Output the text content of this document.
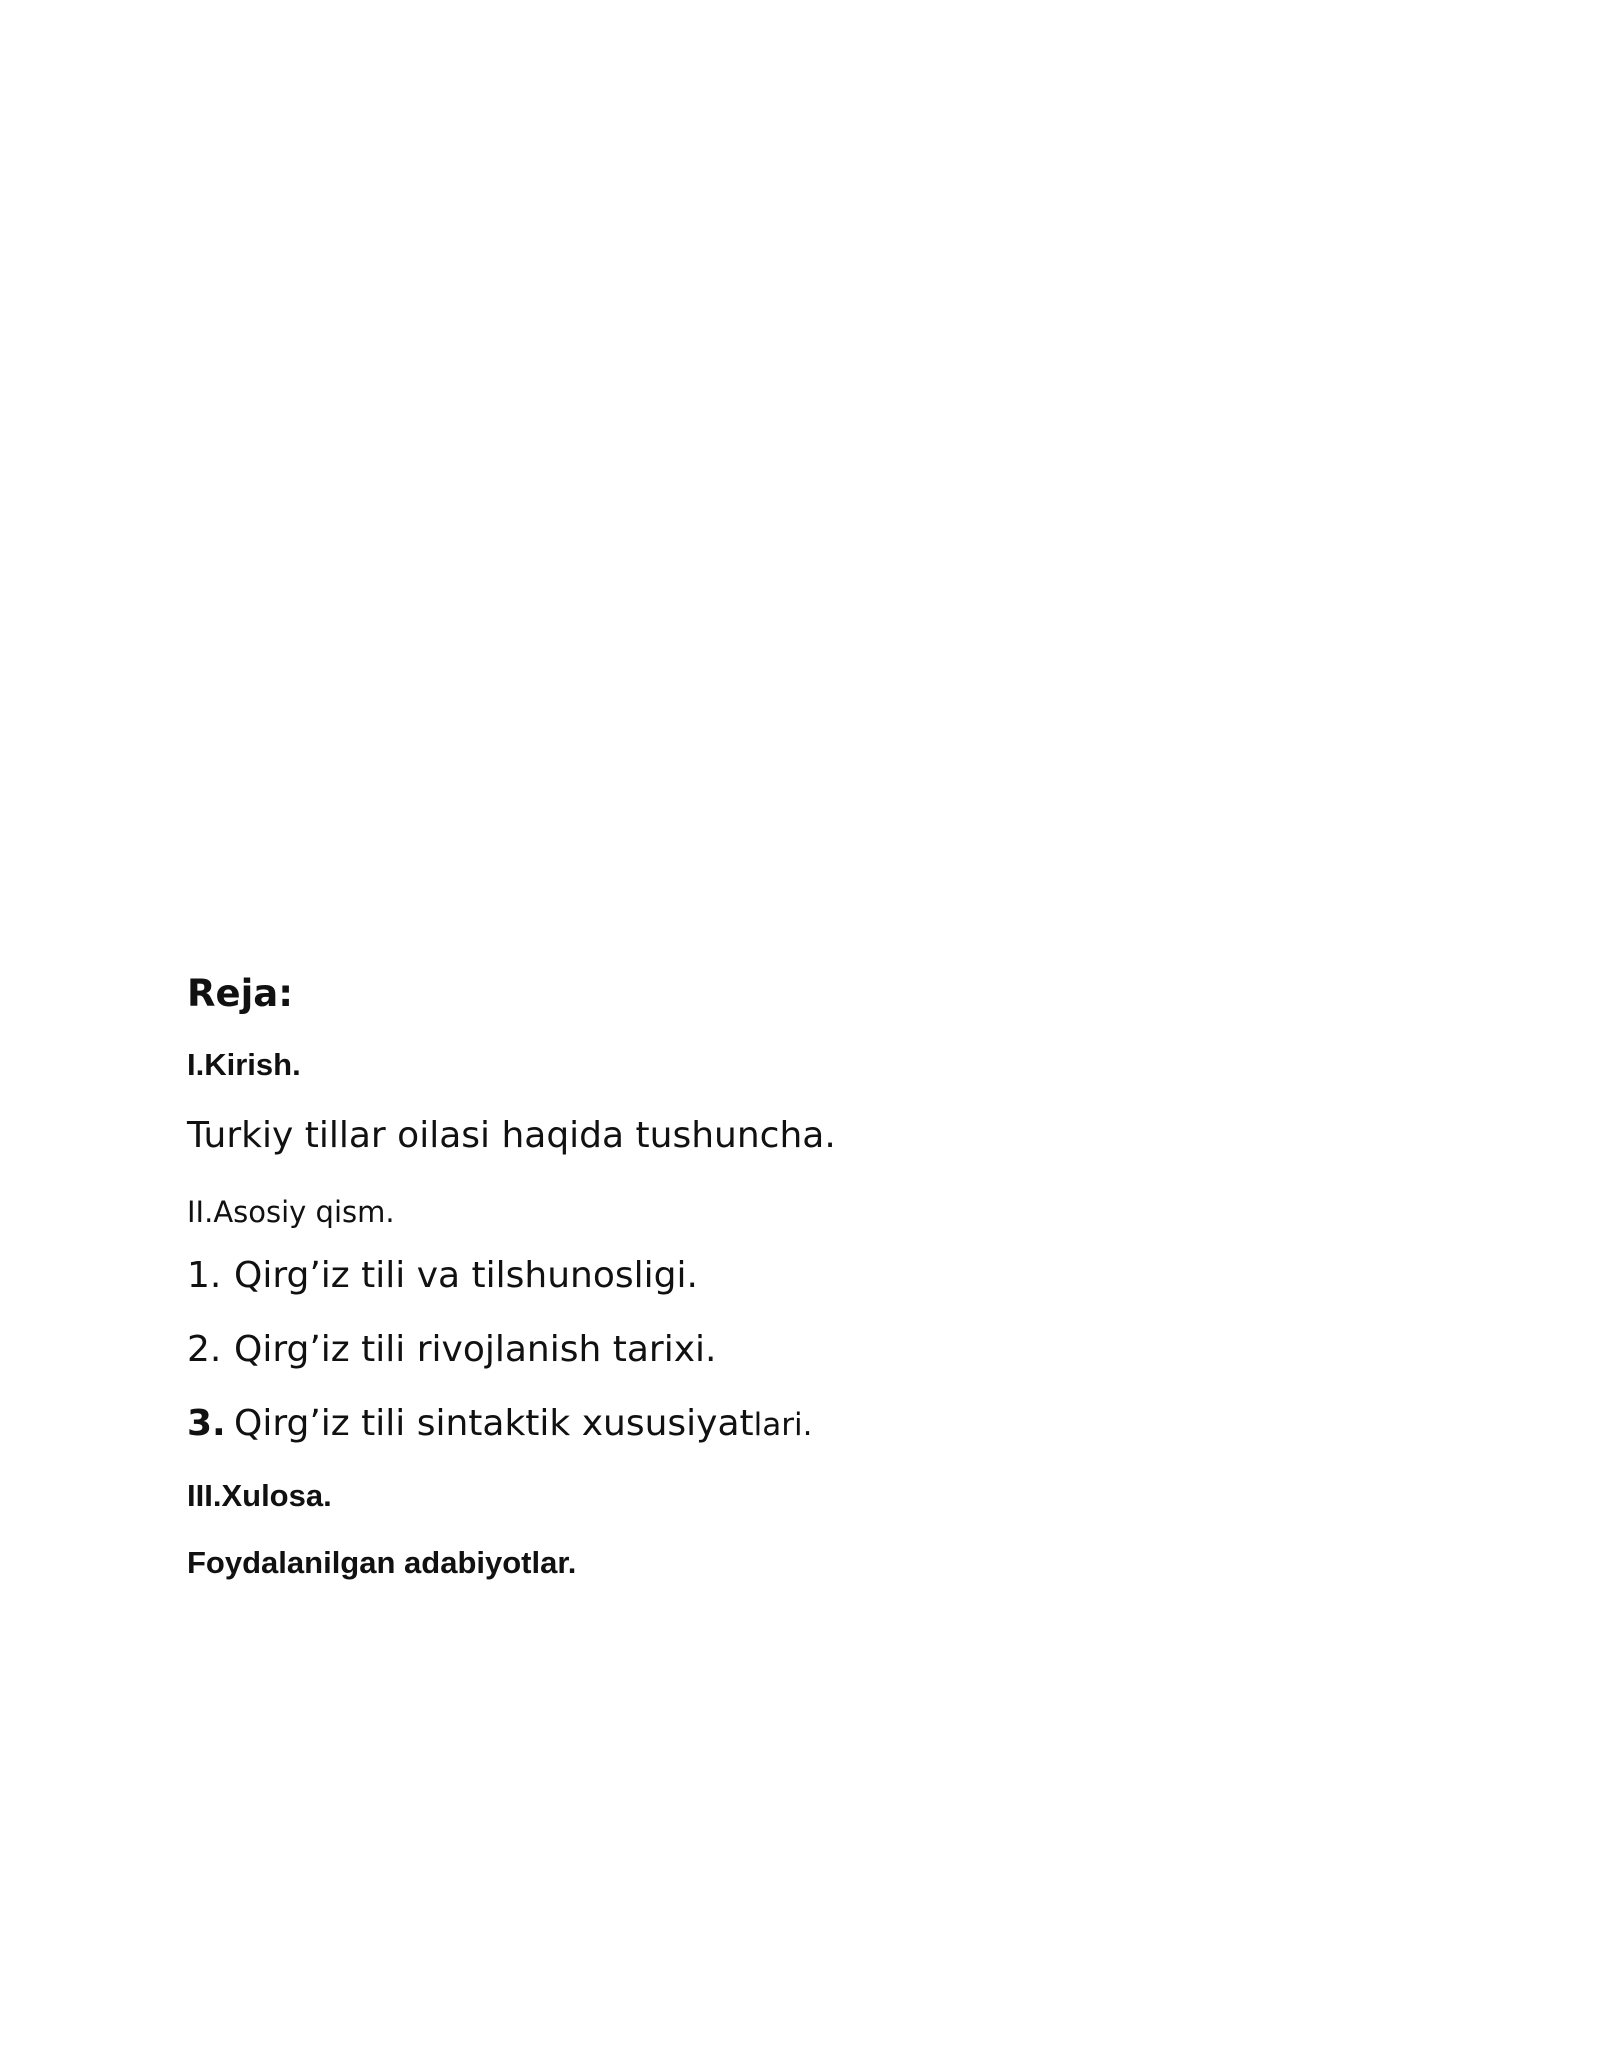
Reja:
I.Kirish.
Turkiy tillar oilasi haqida tushuncha.
II.Asosiy qism.
1. Qirg’iz tili va tilshunosligi.
2. Qirg’iz tili rivojlanish tarixi.
3. Qirg’iz tili sintaktik xususiyatlari.
III.Xulosa.
Foydalanilgan adabiyotlar.
